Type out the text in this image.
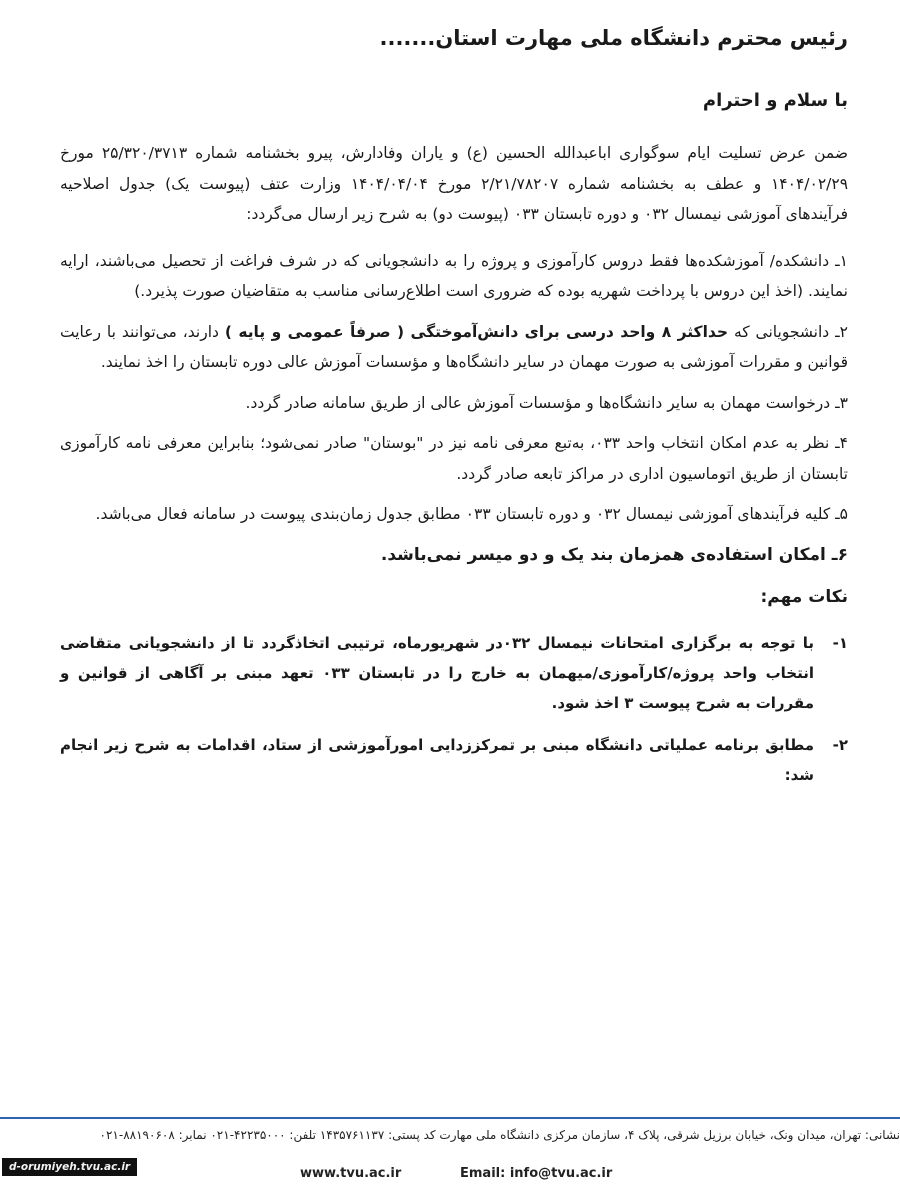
رئیس محترم دانشگاه ملی مهارت استان.......
با سلام و احترام

ضمن عرض تسلیت ایام سوگواری اباعبدالله الحسین (ع) و یاران وفادارش، پیرو بخشنامه شماره ۲۵/۳۲۰/۳۷۱۳ مورخ ۱۴۰۴/۰۲/۲۹ و عطف به بخشنامه شماره ۲/۲۱/۷۸۲۰۷ مورخ ۱۴۰۴/۰۴/۰۴ وزارت عتف (پیوست یک) جدول اصلاحیه فرآیندهای آموزشی نیمسال ۰۳۲ و دوره تابستان ۰۳۳ (پیوست دو) به شرح زیر ارسال می‌گردد:

۱ـ دانشکده/ آموزشکده‌ها فقط دروس کارآموزی و پروژه را به دانشجویانی که در شرف فراغت از تحصیل می‌باشند، ارایه نمایند. (اخذ این دروس با پرداخت شهریه بوده که ضروری است اطلاع‌رسانی مناسب به متقاضیان صورت پذیرد.)

۲ـ دانشجویانی که حداکثر ۸ واحد درسی برای دانش‌آموختگی ( صرفاً عمومی و پایه ) دارند، می‌توانند با رعایت قوانین و مقررات آموزشی به صورت مهمان در سایر دانشگاه‌ها و مؤسسات آموزش عالی دوره تابستان را اخذ نمایند.

۳ـ درخواست مهمان به سایر دانشگاه‌ها و مؤسسات آموزش عالی از طریق سامانه صادر گردد.

۴ـ نظر به عدم امکان انتخاب واحد ۰۳۳، به‌تبع معرفی نامه نیز در "بوستان" صادر نمی‌شود؛ بنابراین معرفی نامه کارآموزی تابستان از طریق اتوماسیون اداری در مراکز تابعه صادر گردد.

۵ـ کلیه فرآیندهای آموزشی نیمسال ۰۳۲ و دوره تابستان ۰۳۳ مطابق جدول زمان‌بندی پیوست در سامانه فعال می‌باشد.

۶ـ امکان استفاده‌ی همزمان بند یک و دو میسر نمی‌باشد.

نکات مهم:

۱-
با توجه به برگزاری امتحانات نیمسال ۰۳۲در شهریورماه، ترتیبی اتخاذگردد تا از دانشجویانی متقاضی انتخاب واحد پروژه/کارآموزی/میهمان به خارج را در تابستان ۰۳۳ تعهد مبنی بر آگاهی از قوانین و مقررات به شرح پیوست ۳ اخذ شود.

۲-
مطابق برنامه عملیاتی دانشگاه مبنی بر تمرکززدایی امورآموزشی از ستاد، اقدامات به شرح زیر انجام شد:

نشانی: تهران، میدان ونک، خیابان برزیل شرقی، پلاک ۴، سازمان مرکزی دانشگاه ملی مهارت کد پستی: ۱۴۳۵۷۶۱۱۳۷ تلفن: ۴۲۲۳۵۰۰۰-۰۲۱ نمابر: ۸۸۱۹۰۶۰۸-۰۲۱
d-orumiyeh.tvu.ac.ir	www.tvu.ac.ir	Email: info@tvu.ac.ir
